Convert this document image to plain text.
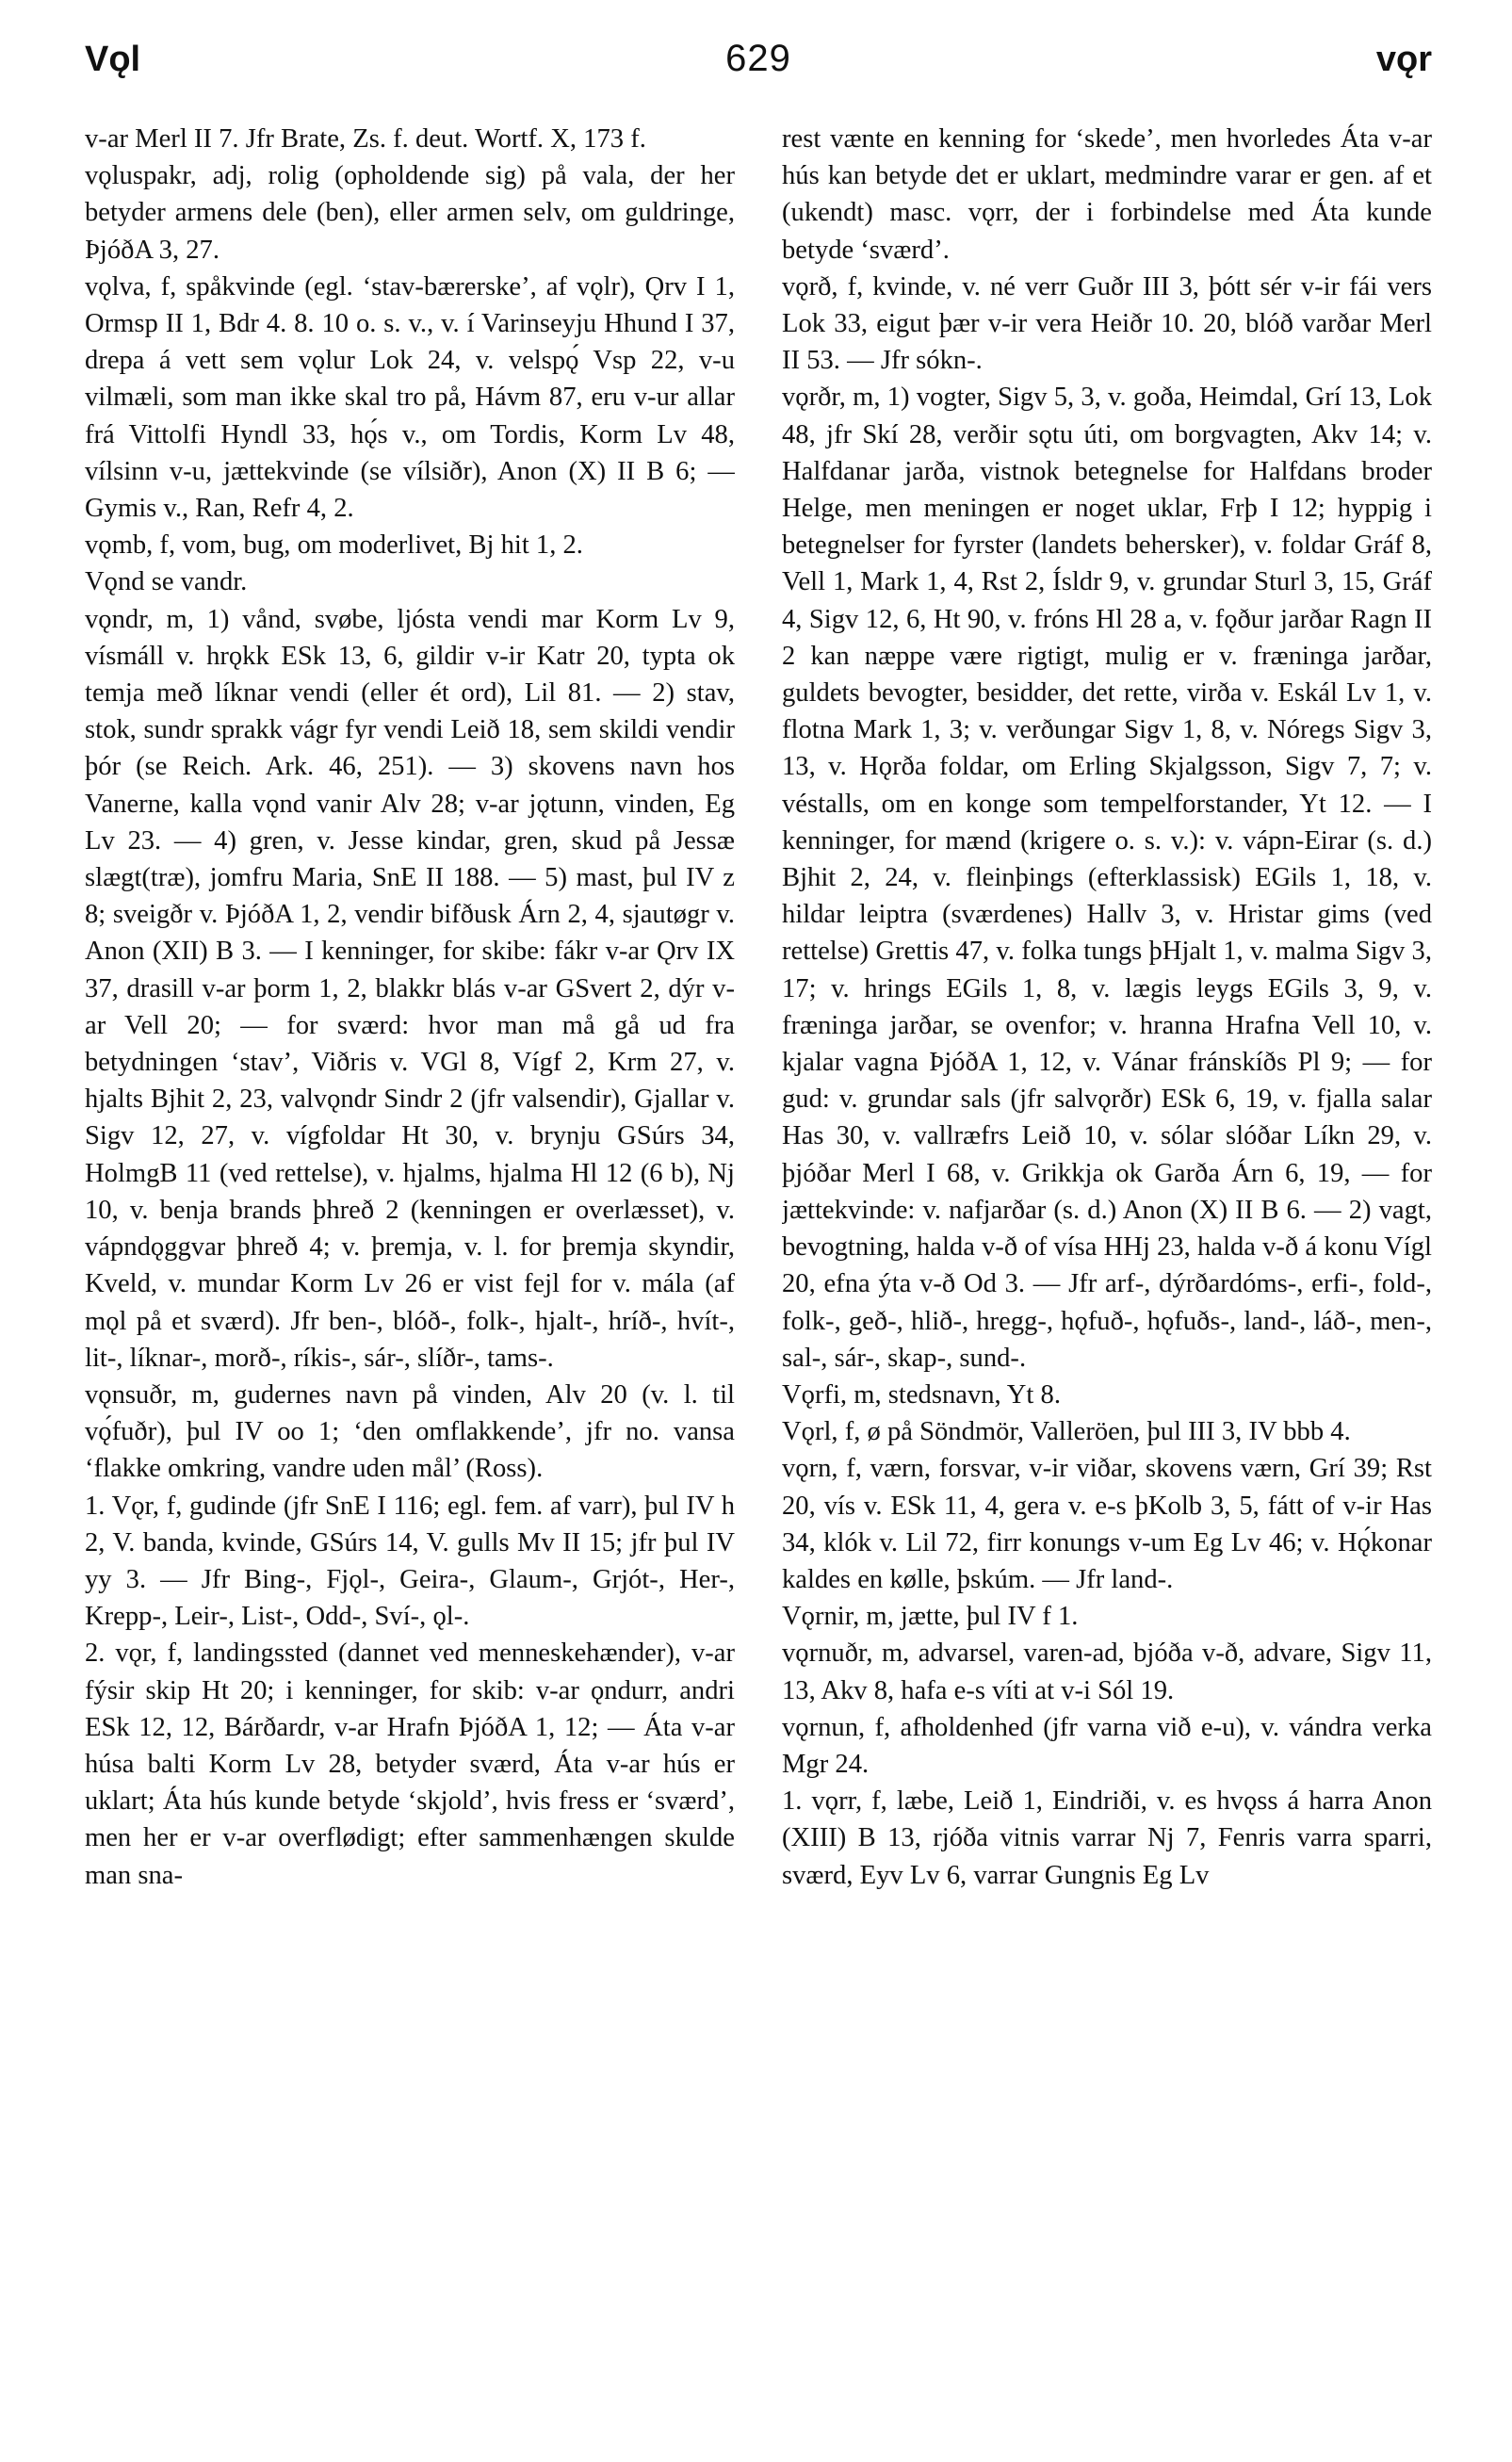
Vǫl	629	vǫr

v-ar Merl II 7. Jfr Brate, Zs. f. deut. Wortf. X, 173 f.

vǫluspakr, adj, rolig (opholdende sig) på vala, der her betyder armens dele (ben), eller armen selv, om guldringe, ÞjóðA 3, 27.

vǫlva, f, spåkvinde (egl. ‘stav-bærerske’, af vǫlr), Ǫrv I 1, Ormsp II 1, Bdr 4. 8. 10 o. s. v., v. í Varinseyju Hhund I 37, drepa á vett sem vǫlur Lok 24, v. velspǫ́ Vsp 22, v-u vilmæli, som man ikke skal tro på, Hávm 87, eru v-ur allar frá Vittolfi Hyndl 33, hǫ́s v., om Tordis, Korm Lv 48, vílsinn v-u, jættekvinde (se vílsiðr), Anon (X) II B 6; — Gymis v., Ran, Refr 4, 2.

vǫmb, f, vom, bug, om moderlivet, Bj hit 1, 2.

Vǫnd se vandr.

vǫndr, m, 1) vånd, svøbe, ljósta vendi mar Korm Lv 9, vísmáll v. hrǫkk ESk 13, 6, gildir v-ir Katr 20, typta ok temja með líknar vendi (eller ét ord), Lil 81. — 2) stav, stok, sundr sprakk vágr fyr vendi Leið 18, sem skildi vendir þór (se Reich. Ark. 46, 251). — 3) skovens navn hos Vanerne, kalla vǫnd vanir Alv 28; v-ar jǫtunn, vinden, Eg Lv 23. — 4) gren, v. Jesse kindar, gren, skud på Jessæ slægt(træ), jomfru Maria, SnE II 188. — 5) mast, þul IV z 8; sveigðr v. ÞjóðA 1, 2, vendir bifðusk Árn 2, 4, sjautøgr v. Anon (XII) B 3. — I kenninger, for skibe: fákr v-ar Ǫrv IX 37, drasill v-ar þorm 1, 2, blakkr blás v-ar GSvert 2, dýr v-ar Vell 20; — for sværd: hvor man må gå ud fra betydningen ‘stav’, Viðris v. VGl 8, Vígf 2, Krm 27, v. hjalts Bjhit 2, 23, valvǫndr Sindr 2 (jfr valsendir), Gjallar v. Sigv 12, 27, v. vígfoldar Ht 30, v. brynju GSúrs 34, HolmgB 11 (ved rettelse), v. hjalms, hjalma Hl 12 (6 b), Nj 10, v. benja brands þhreð 2 (kenningen er overlæsset), v. vápndǫggvar þhreð 4; v. þremja, v. l. for þremja skyndir, Kveld, v. mundar Korm Lv 26 er vist fejl for v. mála (af mǫl på et sværd). Jfr ben-, blóð-, folk-, hjalt-, hríð-, hvít-, lit-, líknar-, morð-, ríkis-, sár-, slíðr-, tams-.

vǫnsuðr, m, gudernes navn på vinden, Alv 20 (v. l. til vǫ́fuðr), þul IV oo 1; ‘den omflakkende’, jfr no. vansa ‘flakke omkring, vandre uden mål’ (Ross).

1. Vǫr, f, gudinde (jfr SnE I 116; egl. fem. af varr), þul IV h 2, V. banda, kvinde, GSúrs 14, V. gulls Mv II 15; jfr þul IV yy 3. — Jfr Bing-, Fjǫl-, Geira-, Glaum-, Grjót-, Her-, Krepp-, Leir-, List-, Odd-, Sví-, ǫl-.

2. vǫr, f, landingssted (dannet ved menneskehænder), v-ar fýsir skip Ht 20; i kenninger, for skib: v-ar ǫndurr, andri ESk 12, 12, Bárðardr, v-ar Hrafn ÞjóðA 1, 12; — Áta v-ar húsa balti Korm Lv 28, betyder sværd, Áta v-ar hús er uklart; Áta hús kunde betyde ‘skjold’, hvis fress er ‘sværd’, men her er v-ar overflødigt; efter sammenhængen skulde man sna-

rest vænte en kenning for ‘skede’, men hvorledes Áta v-ar hús kan betyde det er uklart, medmindre varar er gen. af et (ukendt) masc. vǫrr, der i forbindelse med Áta kunde betyde ‘sværd’.

vǫrð, f, kvinde, v. né verr Guðr III 3, þótt sér v-ir fái vers Lok 33, eigut þær v-ir vera Heiðr 10. 20, blóð varðar Merl II 53. — Jfr sókn-.

vǫrðr, m, 1) vogter, Sigv 5, 3, v. goða, Heimdal, Grí 13, Lok 48, jfr Skí 28, verðir sǫtu úti, om borgvagten, Akv 14; v. Halfdanar jarða, vistnok betegnelse for Halfdans broder Helge, men meningen er noget uklar, Frþ I 12; hyppig i betegnelser for fyrster (landets behersker), v. foldar Gráf 8, Vell 1, Mark 1, 4, Rst 2, Ísldr 9, v. grundar Sturl 3, 15, Gráf 4, Sigv 12, 6, Ht 90, v. fróns Hl 28 a, v. fǫður jarðar Ragn II 2 kan næppe være rigtigt, mulig er v. fræninga jarðar, guldets bevogter, besidder, det rette, virða v. Eskál Lv 1, v. flotna Mark 1, 3; v. verðungar Sigv 1, 8, v. Nóregs Sigv 3, 13, v. Hǫrða foldar, om Erling Skjalgsson, Sigv 7, 7; v. véstalls, om en konge som tempelforstander, Yt 12. — I kenninger, for mænd (krigere o. s. v.): v. vápn-Eirar (s. d.) Bjhit 2, 24, v. fleinþings (efterklassisk) EGils 1, 18, v. hildar leiptra (sværdenes) Hallv 3, v. Hristar gims (ved rettelse) Grettis 47, v. folka tungs þHjalt 1, v. malma Sigv 3, 17; v. hrings EGils 1, 8, v. lægis leygs EGils 3, 9, v. fræninga jarðar, se ovenfor; v. hranna Hrafna Vell 10, v. kjalar vagna ÞjóðA 1, 12, v. Vánar fránskíðs Pl 9; — for gud: v. grundar sals (jfr salvǫrðr) ESk 6, 19, v. fjalla salar Has 30, v. vallræfrs Leið 10, v. sólar slóðar Líkn 29, v. þjóðar Merl I 68, v. Grikkja ok Garða Árn 6, 19, — for jættekvinde: v. nafjarðar (s. d.) Anon (X) II B 6. — 2) vagt, bevogtning, halda v-ð of vísa HHj 23, halda v-ð á konu Vígl 20, efna ýta v-ð Od 3. — Jfr arf-, dýrðardóms-, erfi-, fold-, folk-, geð-, hlið-, hregg-, hǫfuð-, hǫfuðs-, land-, láð-, men-, sal-, sár-, skap-, sund-.

Vǫrfi, m, stedsnavn, Yt 8.

Vǫrl, f, ø på Söndmör, Valleröen, þul III 3, IV bbb 4.

vǫrn, f, værn, forsvar, v-ir viðar, skovens værn, Grí 39; Rst 20, vís v. ESk 11, 4, gera v. e-s þKolb 3, 5, fátt of v-ir Has 34, klók v. Lil 72, firr konungs v-um Eg Lv 46; v. Hǫ́konar kaldes en kølle, þskúm. — Jfr land-.

Vǫrnir, m, jætte, þul IV f 1.

vǫrnuðr, m, advarsel, varen-ad, bjóða v-ð, advare, Sigv 11, 13, Akv 8, hafa e-s víti at v-i Sól 19.

vǫrnun, f, afholdenhed (jfr varna við e-u), v. vándra verka Mgr 24.

1. vǫrr, f, læbe, Leið 1, Eindriði, v. es hvǫss á harra Anon (XIII) B 13, rjóða vitnis varrar Nj 7, Fenris varra sparri, sværd, Eyv Lv 6, varrar Gungnis Eg Lv
